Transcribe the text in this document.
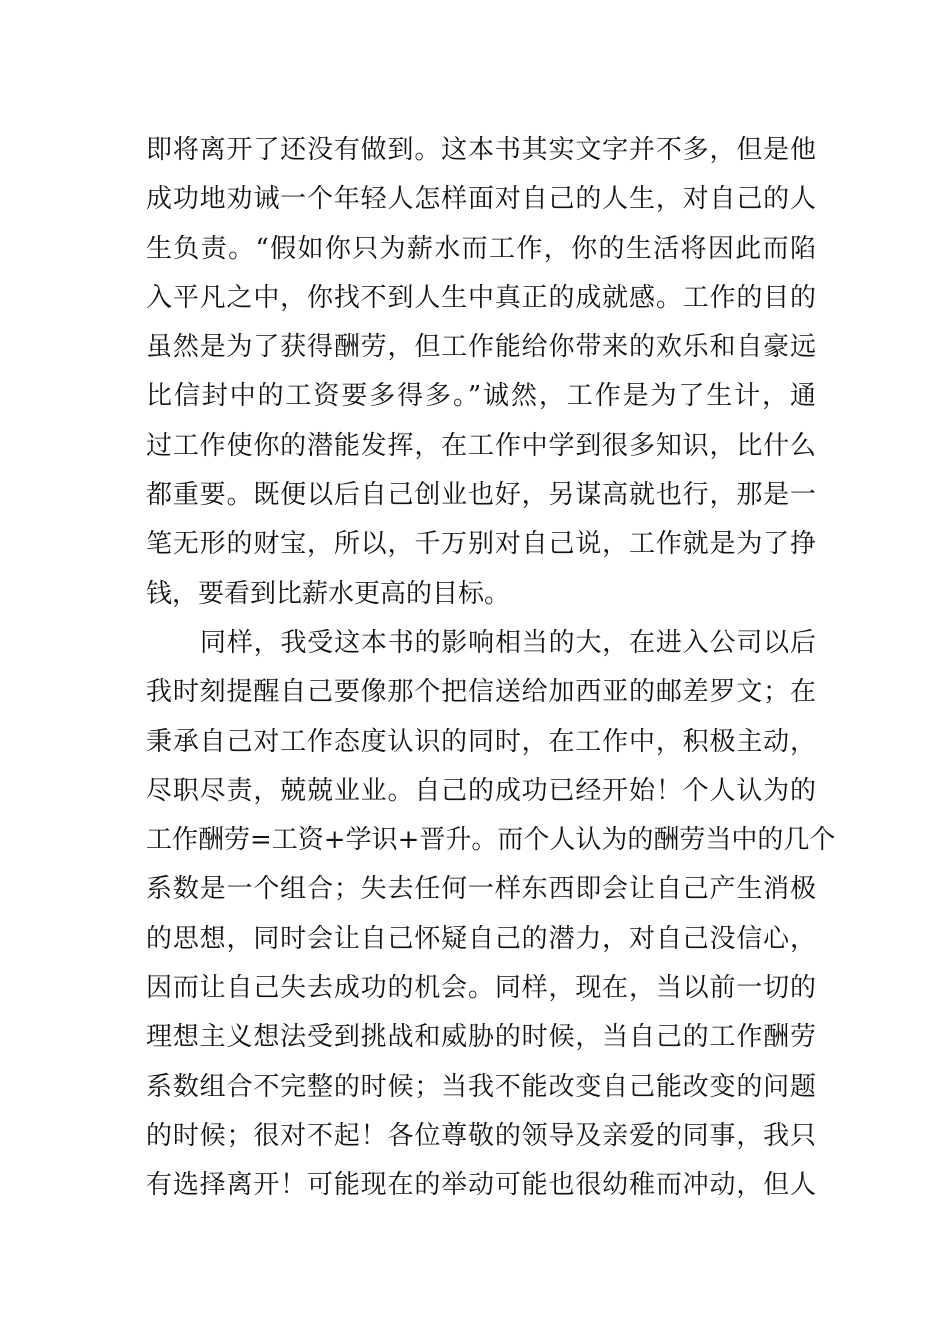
即将离开了还没有做到。这本书其实文字并不多，但是他
成功地劝诫一个年轻人怎样面对自己的人生，对自己的人
生负责。“假如你只为薪水而工作，你的生活将因此而陷
入平凡之中，你找不到人生中真正的成就感。工作的目的
虽然是为了获得酬劳，但工作能给你带来的欢乐和自豪远
比信封中的工资要多得多。”诚然，工作是为了生计，通
过工作使你的潜能发挥，在工作中学到很多知识，比什么
都重要。既便以后自己创业也好，另谋高就也行，那是一
笔无形的财宝，所以，千万别对自己说，工作就是为了挣
钱，要看到比薪水更高的目标。
同样，我受这本书的影响相当的大，在进入公司以后
我时刻提醒自己要像那个把信送给加西亚的邮差罗文；在
秉承自己对工作态度认识的同时，在工作中，积极主动，
尽职尽责，兢兢业业。自己的成功已经开始！个人认为的
工作酬劳=工资+学识+晋升。而个人认为的酬劳当中的几个
系数是一个组合；失去任何一样东西即会让自己产生消极
的思想，同时会让自己怀疑自己的潜力，对自己没信心，
因而让自己失去成功的机会。同样，现在，当以前一切的
理想主义想法受到挑战和威胁的时候，当自己的工作酬劳
系数组合不完整的时候；当我不能改变自己能改变的问题
的时候；很对不起！各位尊敬的领导及亲爱的同事，我只
有选择离开！可能现在的举动可能也很幼稚而冲动，但人
